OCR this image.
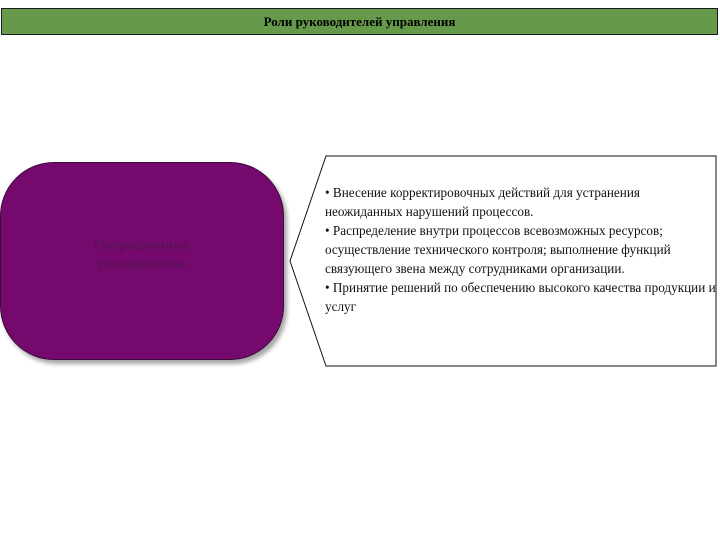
Роли руководителей управления
Операционные руководители
• Внесение корректировочных действий для устранения неожиданных нарушений процессов.
• Распределение внутри процессов всевозможных ресурсов; осуществление технического контроля; выполнение функций связующего звена между сотрудниками организации.
• Принятие решений по обеспечению высокого качества продукции и услуг
